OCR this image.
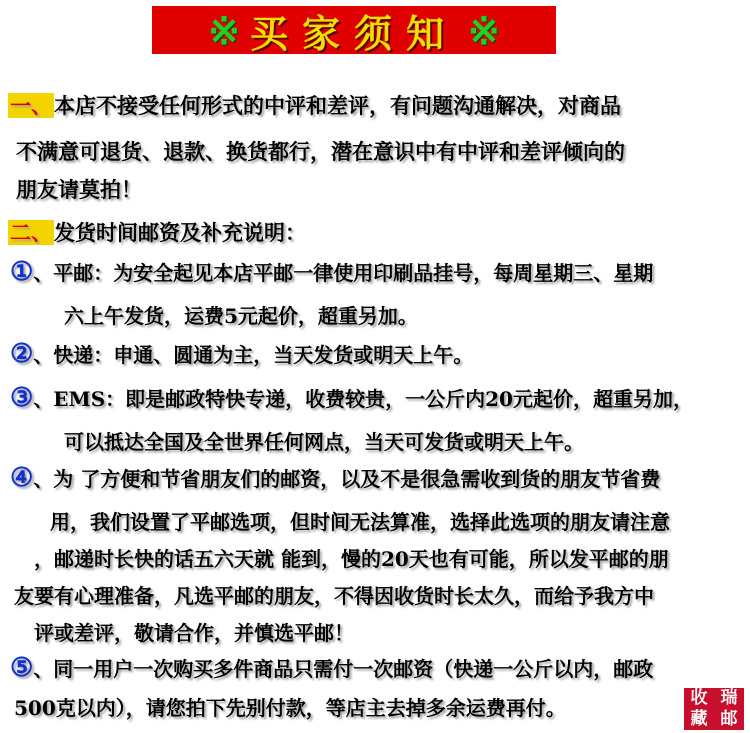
※ 买家须知 ※
一、本店不接受任何形式的中评和差评，有问题沟通解决，对商品
不满意可退货、退款、换货都行，潜在意识中有中评和差评倾向的
朋友请莫拍！
二、发货时间邮资及补充说明：
①、平邮：为安全起见本店平邮一律使用印刷品挂号，每周星期三、星期
六上午发货，运费5元起价，超重另加。
②、快递：申通、圆通为主，当天发货或明天上午。
③、EMS：即是邮政特快专递，收费较贵，一公斤内20元起价，超重另加，
可以抵达全国及全世界任何网点，当天可发货或明天上午。
④、为 了方便和节省朋友们的邮资，以及不是很急需收到货的朋友节省费
用，我们设置了平邮选项，但时间无法算准，选择此选项的朋友请注意
，邮递时长快的话五六天就 能到，慢的20天也有可能，所以发平邮的朋
友要有心理准备，凡选平邮的朋友，不得因收货时长太久，而给予我方中
评或差评，敬请合作，并慎选平邮！
⑤、同一用户一次购买多件商品只需付一次邮资（快递一公斤以内，邮政
500克以内），请您拍下先别付款，等店主去掉多余运费再付。	收 瑞
藏 邮
